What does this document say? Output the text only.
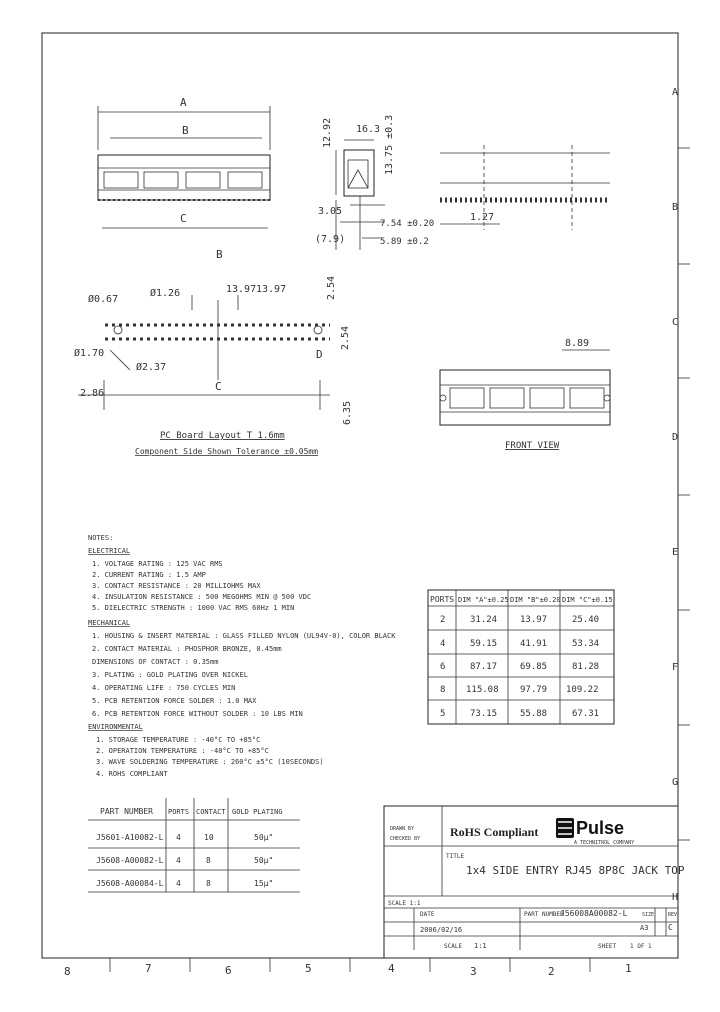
A
B
C
D
E
F
G
H
8	7	6	5	4	3	2	1
A
B
C
12.92	13.75 ±0.3
16.3
3.05
(7.9)
7.54 ±0.20
5.89 ±0.2
1.27
B
C
Ø0.67
Ø1.26	13.97 13.97
Ø1.70
Ø2.37
2.86
D
2.54
2.54
6.35
PC Board Layout T 1.6mm
Component Side Shown Tolerance ±0.05mm
8.89
FRONT VIEW
NOTES:
ELECTRICAL
1. VOLTAGE RATING : 125 VAC RMS
2. CURRENT RATING : 1.5 AMP
3. CONTACT RESISTANCE : 20 MILLIOHMS MAX
4. INSULATION RESISTANCE : 500 MEGOHMS MIN @ 500 VDC
5. DIELECTRIC STRENGTH : 1000 VAC RMS 60Hz 1 MIN
MECHANICAL
1. HOUSING & INSERT MATERIAL : GLASS FILLED NYLON (UL94V-0), COLOR BLACK
2. CONTACT MATERIAL : PHOSPHOR BRONZE, 0.45mm
DIMENSIONS OF CONTACT : 0.35mm
3. PLATING : GOLD PLATING OVER NICKEL
4. OPERATING LIFE : 750 CYCLES MIN
5. PCB RETENTION FORCE SOLDER : 1.0 MAX
6. PCB RETENTION FORCE WITHOUT SOLDER : 10 LBS MIN
ENVIRONMENTAL
1. STORAGE TEMPERATURE : -40°C TO +85°C
2. OPERATION TEMPERATURE : -40°C TO +85°C
3. WAVE SOLDERING TEMPERATURE : 260°C ±5°C (10SECONDS)
4. ROHS COMPLIANT
PORTS DIM "A"±0.25 DIM "B"±0.20 DIM "C"±0.15
2	31.24	13.97	25.40
4	59.15	41.91	53.34
6	87.17	69.85	81.28
8 115.08 97.79 109.22
5	73.15	55.88	67.31
PART NUMBER PORTS CONTACT GOLD PLATING
J5601-A10082-L 4	10	50µ"
J5608-A00082-L 4	8	50µ"
J5608-A00084-L 4	8	15µ"
DRAWN BY
CHECKED BY RoHS Compliant Pulse
A TECHNITROL COMPANY
TITLE
1x4 SIDE ENTRY RJ45 8P8C JACK TOP
SCALE 1:1
DATE
2006/02/16
PART NUMBER
J56008A00082-L	SIZE
A3
REV
C
SCALE 1:1	SHEET 1 OF 1
